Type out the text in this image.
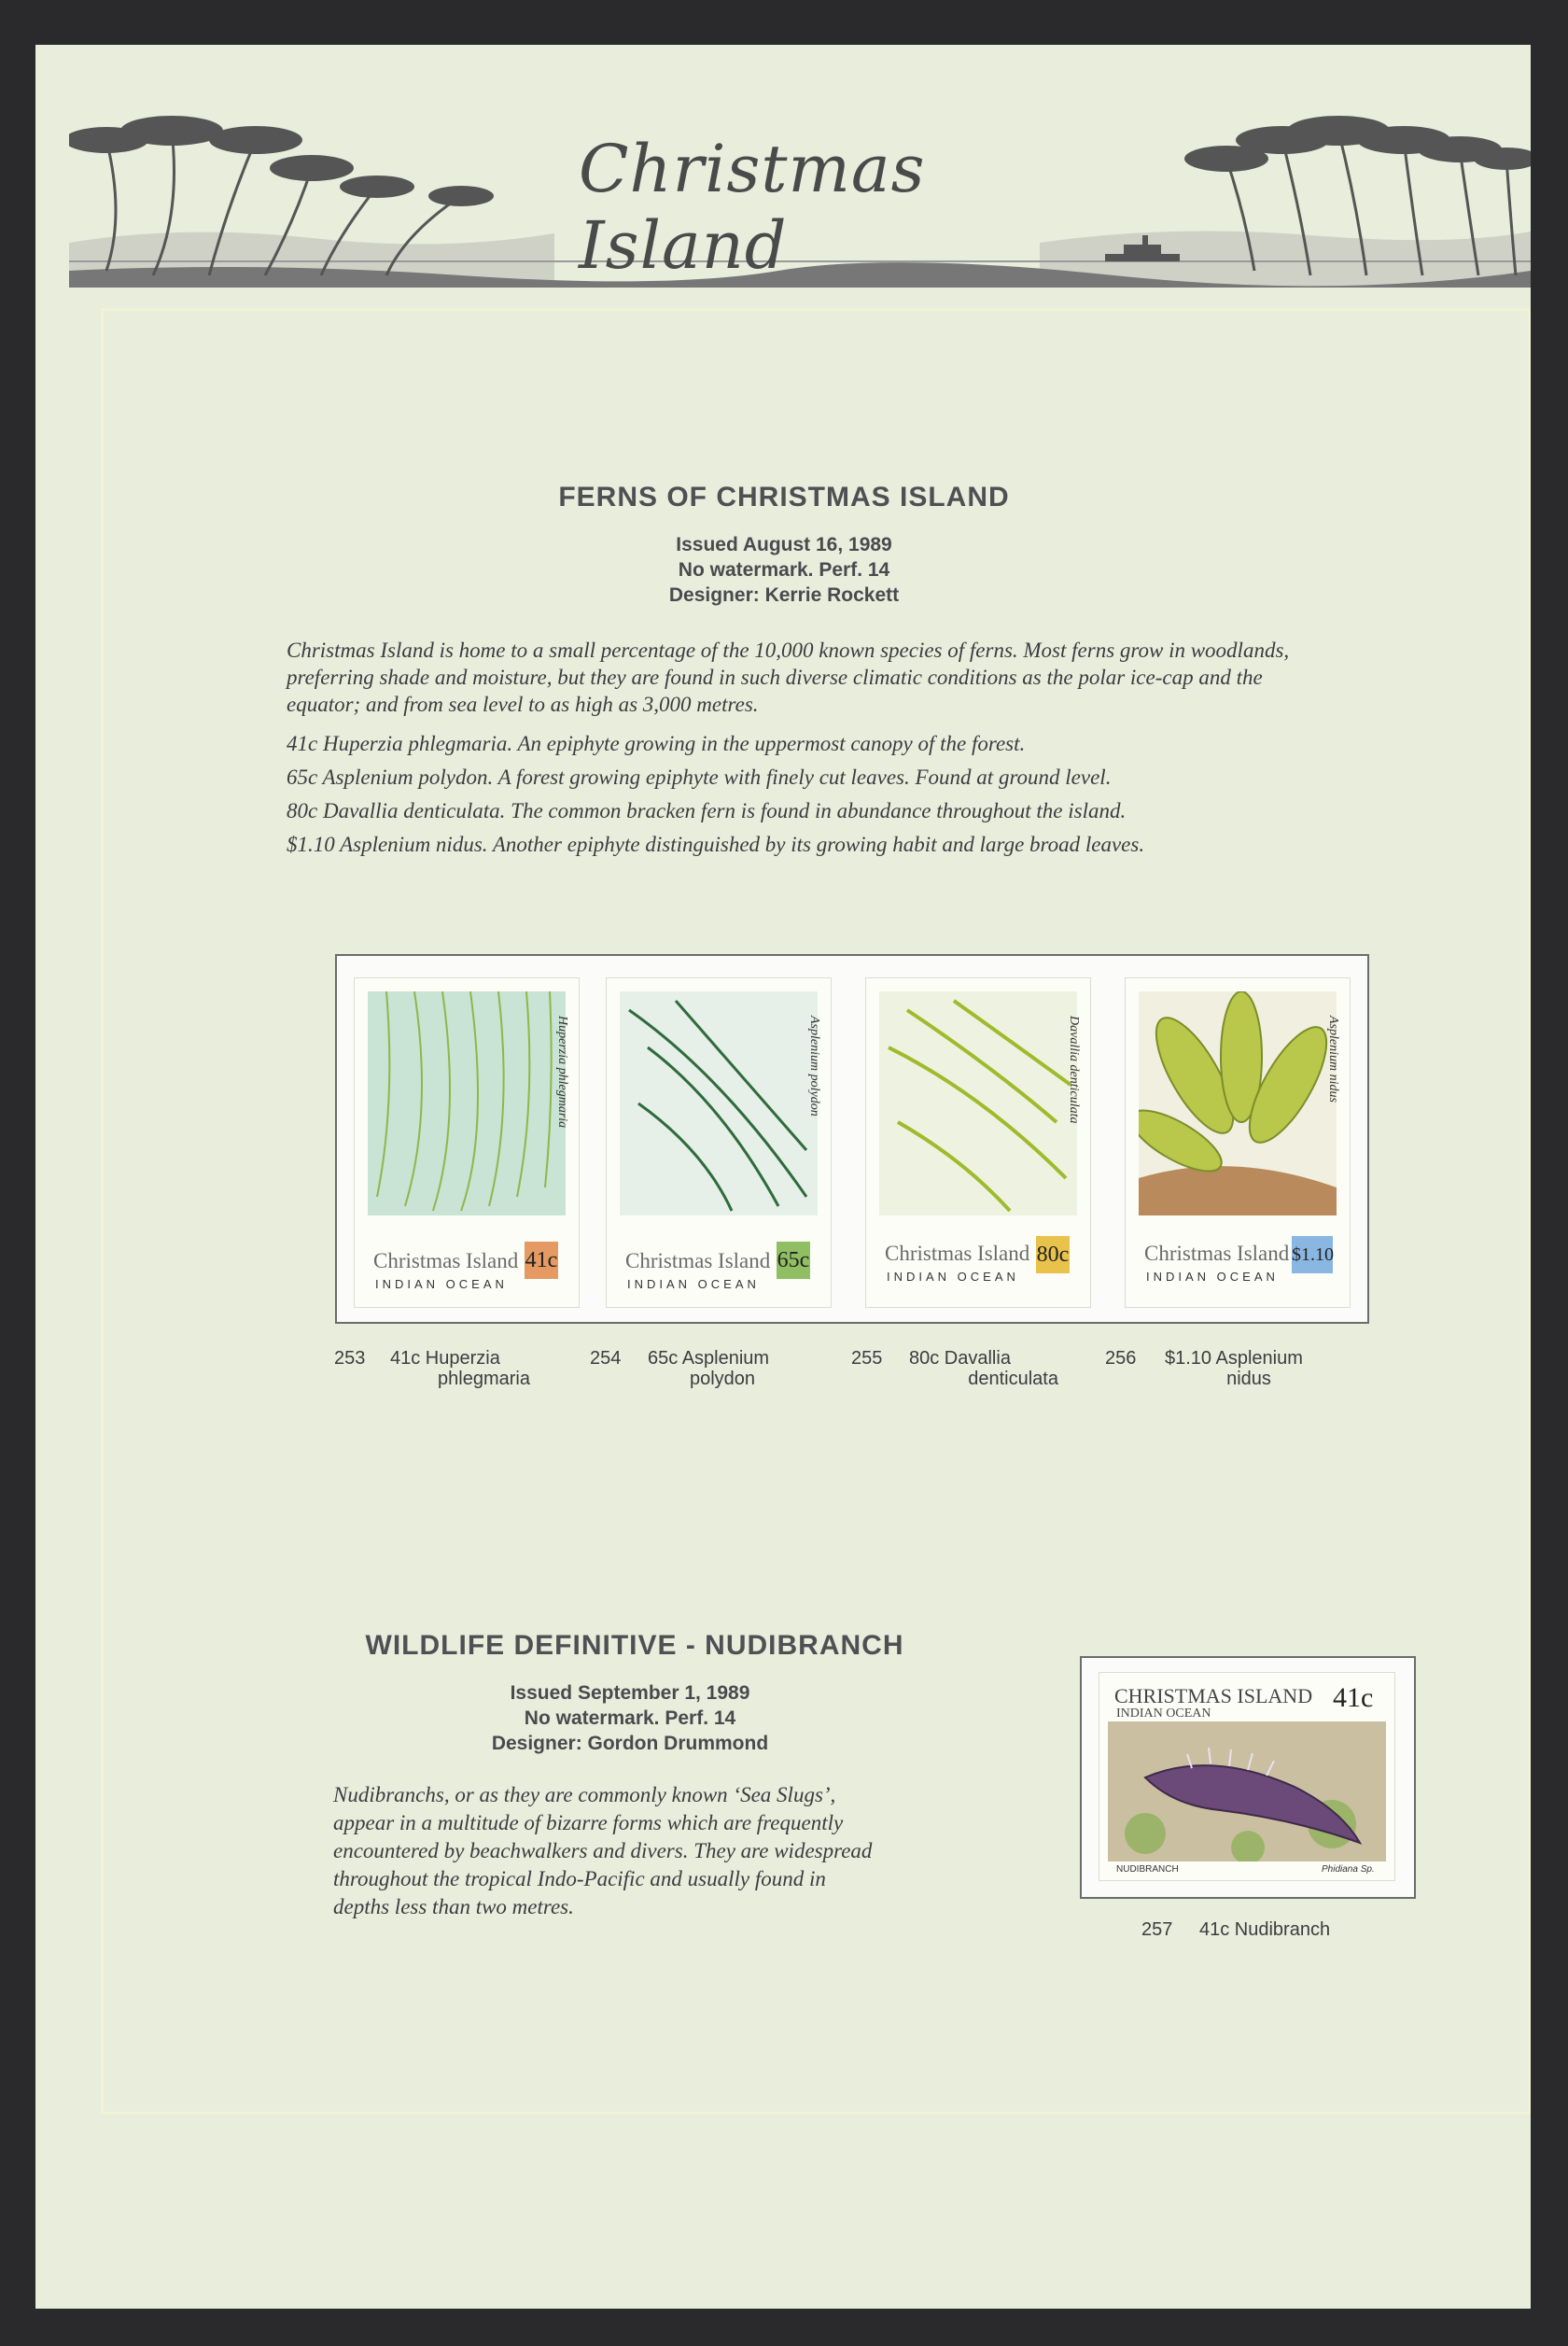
Christmas Island
FERNS OF CHRISTMAS ISLAND
Issued August 16, 1989
No watermark. Perf. 14
Designer: Kerrie Rockett
Christmas Island is home to a small percentage of the 10,000 known species of ferns. Most ferns grow in woodlands,
preferring shade and moisture, but they are found in such diverse climatic conditions as the polar ice-cap and the
equator; and from sea level to as high as 3,000 metres.
41c Huperzia phlegmaria. An epiphyte growing in the uppermost canopy of the forest.
65c Asplenium polydon. A forest growing epiphyte with finely cut leaves. Found at ground level.
80c Davallia denticulata. The common bracken fern is found in abundance throughout the island.
$1.10 Asplenium nidus. Another epiphyte distinguished by its growing habit and large broad leaves.
Christmas Island
INDIAN OCEAN
41c
Huperzia phlegmaria
Christmas Island
INDIAN OCEAN
65c
Asplenium polydon
Christmas Island
INDIAN OCEAN
80c
Davallia denticulata
Christmas Island
INDIAN OCEAN
$1.10
Asplenium nidus
253 41c Huperzia
phlegmaria
254 65c Asplenium
polydon
255 80c Davallia
denticulata
256 $1.10 Asplenium
nidus
WILDLIFE DEFINITIVE - NUDIBRANCH
Issued September 1, 1989
No watermark. Perf. 14
Designer: Gordon Drummond
Nudibranchs, or as they are commonly known ‘Sea Slugs’,
appear in a multitude of bizarre forms which are frequently
encountered by beachwalkers and divers. They are widespread
throughout the tropical Indo-Pacific and usually found in
depths less than two metres.
CHRISTMAS ISLAND
INDIAN OCEAN
41c
NUDIBRANCH	Phidiana Sp.
257 41c Nudibranch
